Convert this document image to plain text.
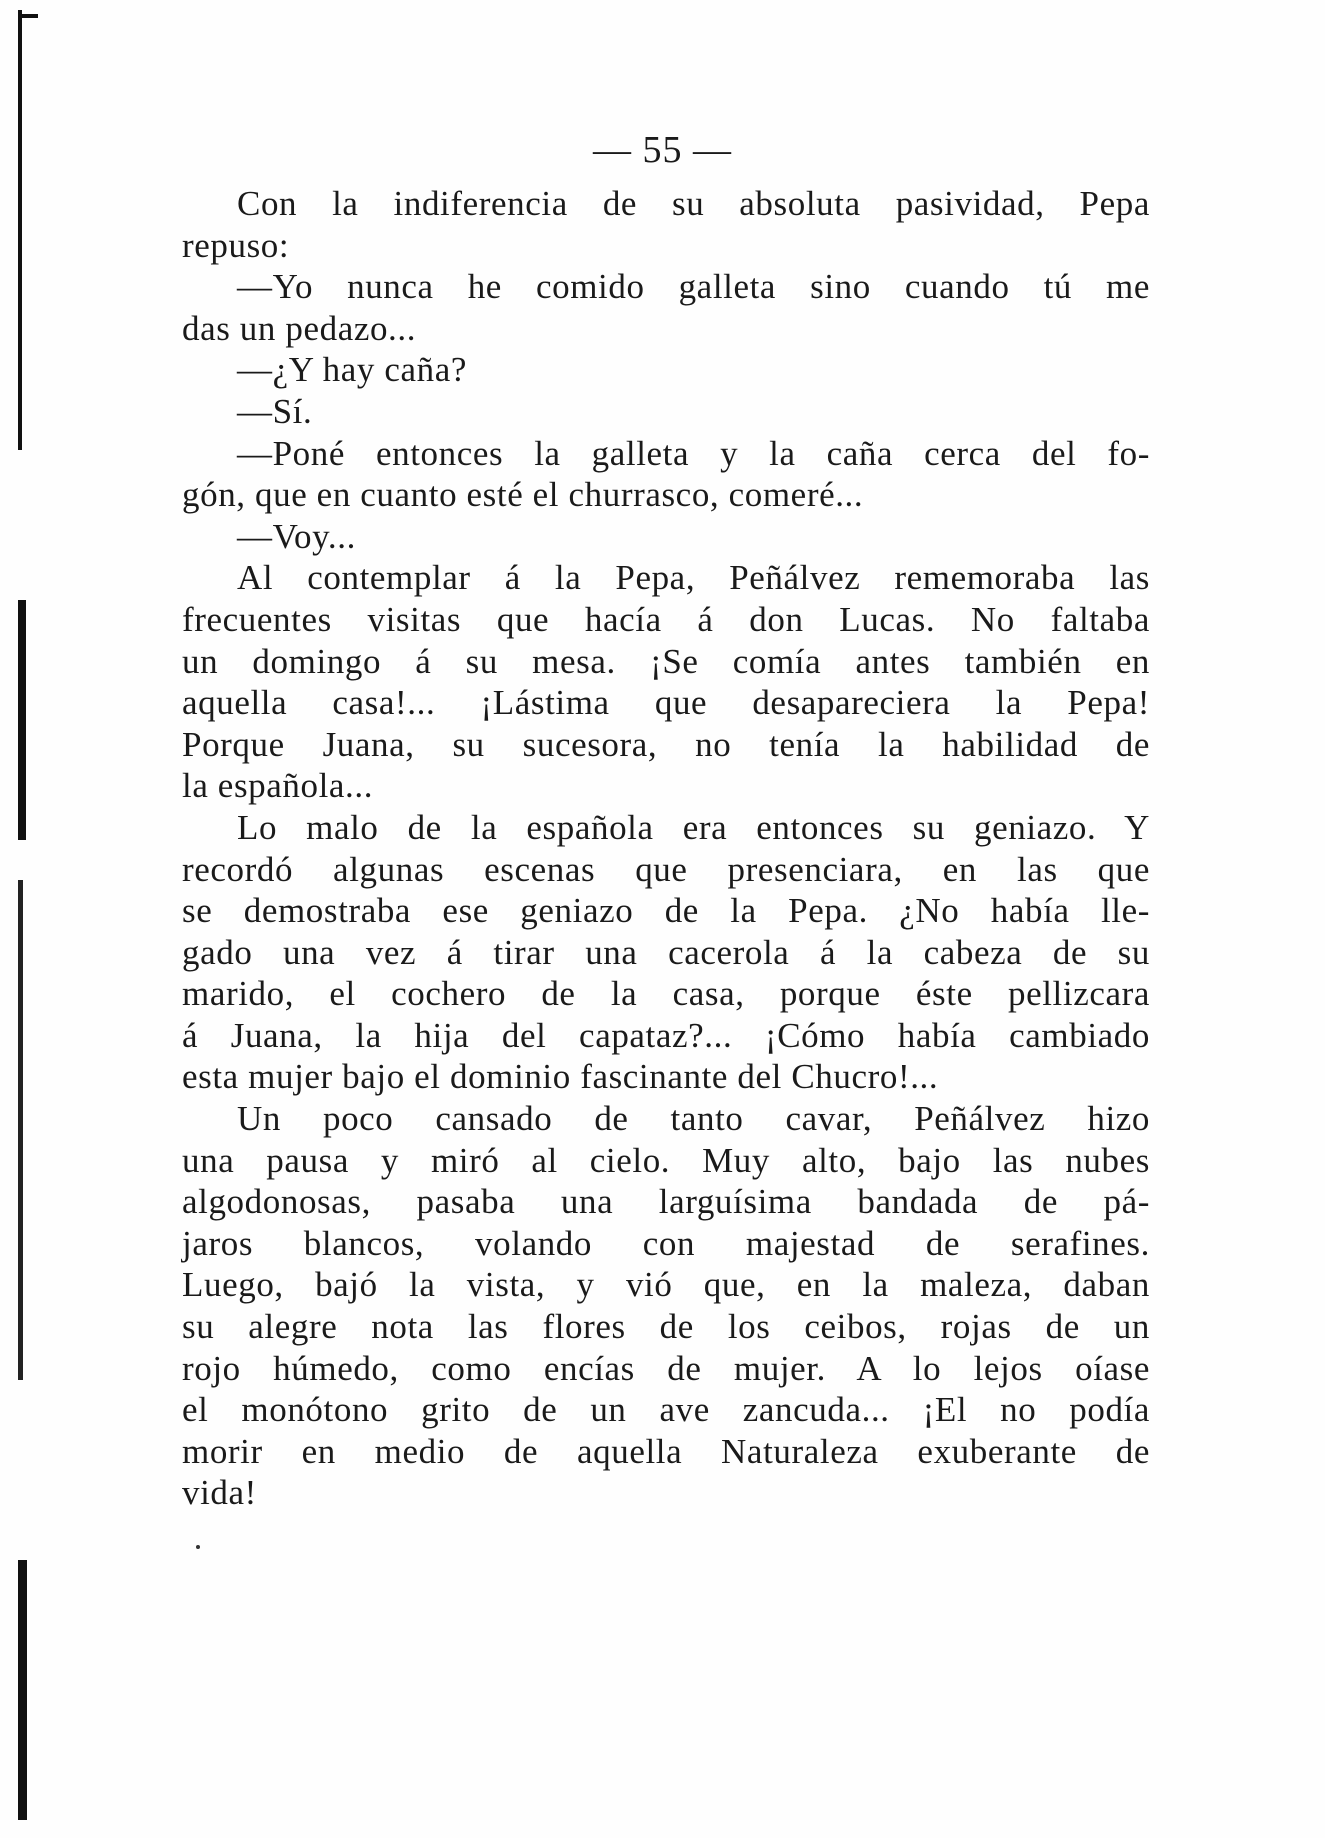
— 55 —
Con la indiferencia de su absoluta pasividad, Pepa
repuso:
—Yo nunca he comido galleta sino cuando tú me
das un pedazo...
—¿Y hay caña?
—Sí.
—Poné entonces la galleta y la caña cerca del fo-
gón, que en cuanto esté el churrasco, comeré...
—Voy...
Al contemplar á la Pepa, Peñálvez rememoraba las
frecuentes visitas que hacía á don Lucas. No faltaba
un domingo á su mesa. ¡Se comía antes también en
aquella casa!... ¡Lástima que desapareciera la Pepa!
Porque Juana, su sucesora, no tenía la habilidad de
la española...
Lo malo de la española era entonces su geniazo. Y
recordó algunas escenas que presenciara, en las que
se demostraba ese geniazo de la Pepa. ¿No había lle-
gado una vez á tirar una cacerola á la cabeza de su
marido, el cochero de la casa, porque éste pellizcara
á Juana, la hija del capataz?... ¡Cómo había cambiado
esta mujer bajo el dominio fascinante del Chucro!...
Un poco cansado de tanto cavar, Peñálvez hizo
una pausa y miró al cielo. Muy alto, bajo las nubes
algodonosas, pasaba una larguísima bandada de pá-
jaros blancos, volando con majestad de serafines.
Luego, bajó la vista, y vió que, en la maleza, daban
su alegre nota las flores de los ceibos, rojas de un
rojo húmedo, como encías de mujer. A lo lejos oíase
el monótono grito de un ave zancuda... ¡El no podía
morir en medio de aquella Naturaleza exuberante de
vida!
